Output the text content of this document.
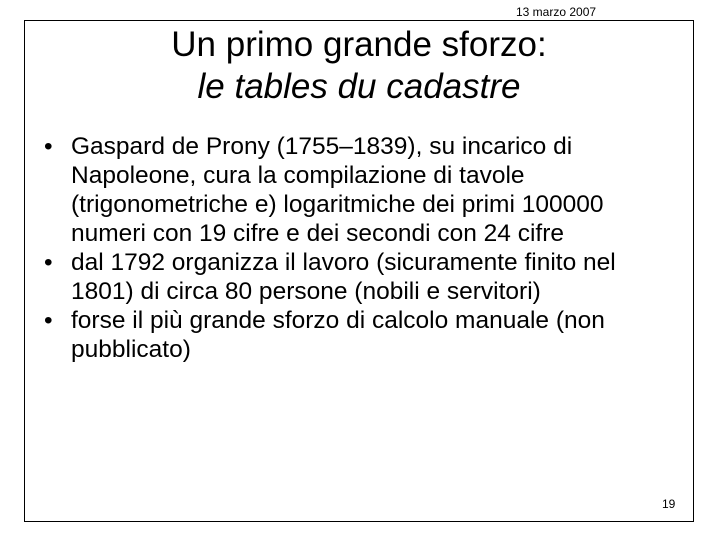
13 marzo 2007
Un primo grande sforzo:
le tables du cadastre
• Gaspard de Prony (1755–1839), su incarico di Napoleone, cura la compilazione di tavole (trigonometriche e) logaritmiche dei primi 100000 numeri con 19 cifre e dei secondi con 24 cifre
• dal 1792 organizza il lavoro (sicuramente finito nel 1801) di circa 80 persone (nobili e servitori)
• forse il più grande sforzo di calcolo manuale (non pubblicato)
19
